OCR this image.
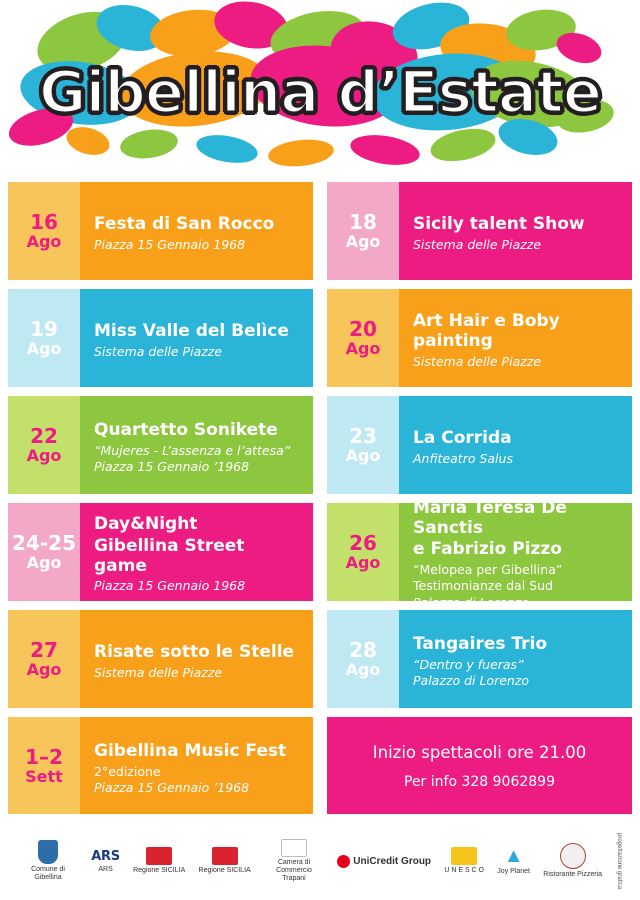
Gibellina d’Estate
16
Ago

Festa di San Rocco

Piazza 15 Gennaio 1968

18
Ago

Sicily talent Show

Sistema delle Piazze

19
Ago

Miss Valle del Belìce

Sistema delle Piazze

20
Ago

Art Hair e Boby painting

Sistema delle Piazze

22
Ago

Quartetto Sonikete

“Mujeres - L’assenza e l’attesa”

Piazza 15 Gennaio ’1968

23
Ago

La Corrida

Anfiteatro Salus

24-25
Ago

Day&Night

Gibellina Street game

Piazza 15 Gennaio 1968

26
Ago

Maria Teresa De Sanctis

e Fabrizio Pizzo

“Melopea per Gibellina” Testimonianze dal Sud

Palazzo di Lorenzo

27
Ago

Risate sotto le Stelle

Sistema delle Piazze

28
Ago

Tangaires Trio

“Dentro y fueras”

Palazzo di Lorenzo

1–2
Sett

Gibellina Music Fest

2°edizione

Piazza 15 Gennaio ’1968

Inizio spettacoli ore 21.00
Per info 328 9062899
Comune di Gibellina
ARS
ARS	Regione SICILIA Regione SICILIA
Camera di Commercio Trapani
UniCredit Group
U N E S C O
▲
Joy Planet Ristorante Pizzeria progettazione grafica
